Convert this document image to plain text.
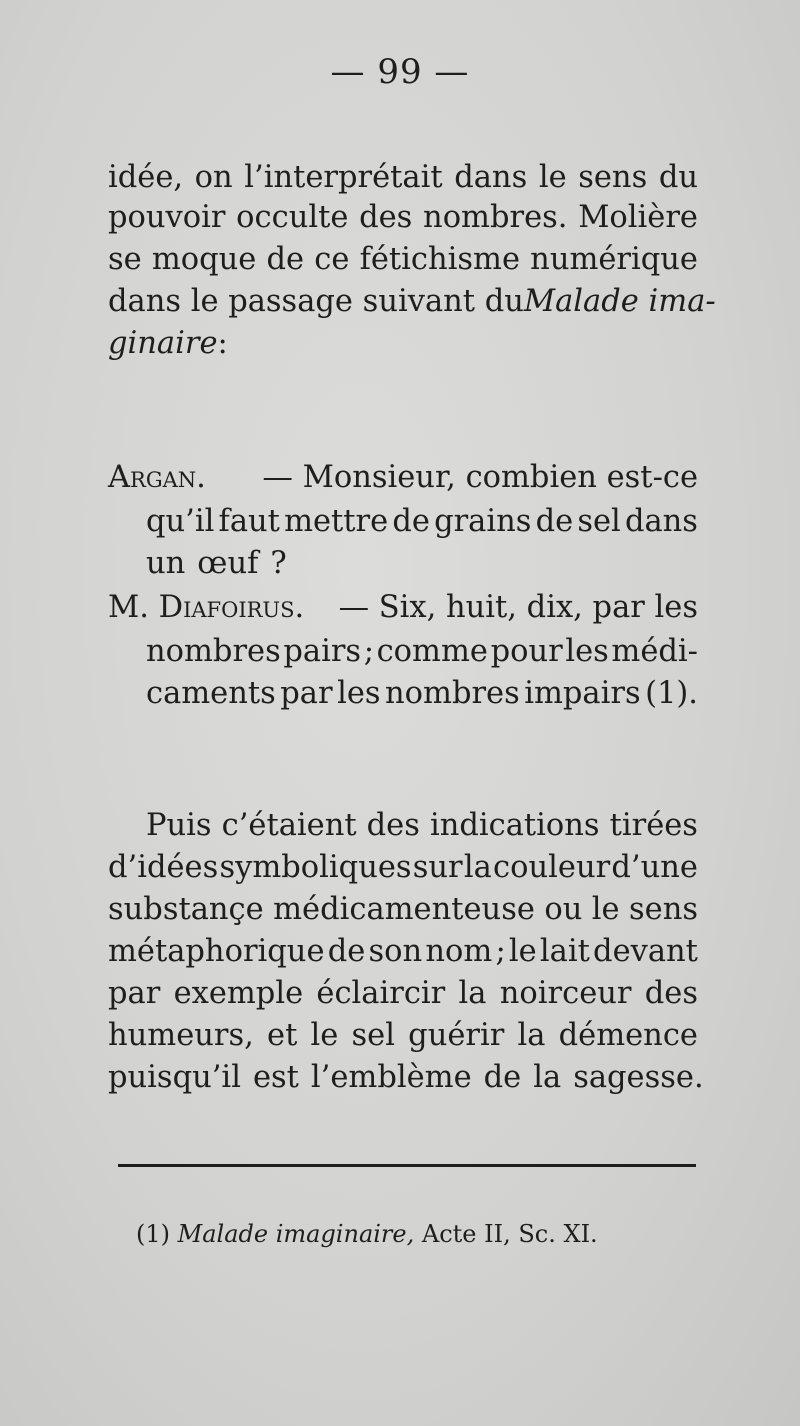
— 99 —
idée, on l’interprétait dans le sens du
pouvoir occulte des nombres. Molière
se moque de ce fétichisme numérique
dans le passage suivant du Malade ima-
ginaire :
Argan. — Monsieur, combien est-ce
qu’il faut mettre de grains de sel dans
un œuf ?
M. Diafoirus. — Six, huit, dix, par les
nombres pairs ; comme pour les médi-
caments par les nombres impairs (1).
Puis c’étaient des indications tirées
d’idées symboliques sur la couleur d’une
substançe médicamenteuse ou le sens
métaphorique de son nom ; le lait devant
par exemple éclaircir la noirceur des
humeurs, et le sel guérir la démence
puisqu’il est l’emblème de la sagesse.
(1) Malade imaginaire, Acte II, Sc. XI.
